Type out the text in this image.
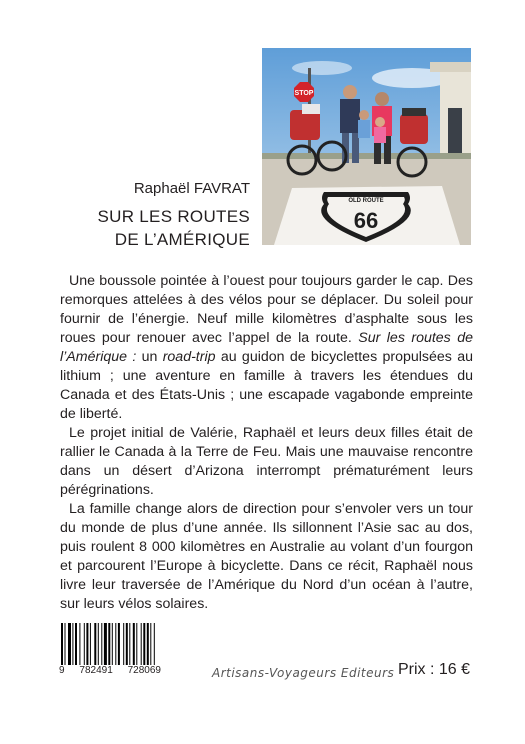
STOP
OLD ROUTE
66
Raphaël FAVRAT
SUR LES ROUTES
DE L’AMÉRIQUE

Une boussole pointée à l’ouest pour toujours garder le cap. Des remorques attelées à des vélos pour se déplacer. Du soleil pour fournir de l’énergie. Neuf mille kilomètres d’asphalte sous les roues pour renouer avec l’appel de la route. Sur les routes de l’Amérique : un road-trip au guidon de bicyclettes propulsées au lithium ; une aventure en famille à travers les étendues du Canada et des États-Unis ; une escapade vagabonde empreinte de liberté.

Le projet initial de Valérie, Raphaël et leurs deux filles était de rallier le Canada à la Terre de Feu. Mais une mauvaise rencontre dans un désert d’Arizona interrompt prématurément leurs pérégrinations.

La famille change alors de direction pour s’envoler vers un tour du monde de plus d’une année. Ils sillonnent l’Asie sac au dos, puis roulent 8 000 kilomètres en Australie au volant d’un fourgon et parcourent l’Europe à bicyclette. Dans ce récit, Raphaël nous livre leur traversée de l’Amérique du Nord d’un océan à l’autre, sur leurs vélos solaires.

9 782491 728069	Artisans-Voyageurs Editeurs Prix : 16 €
